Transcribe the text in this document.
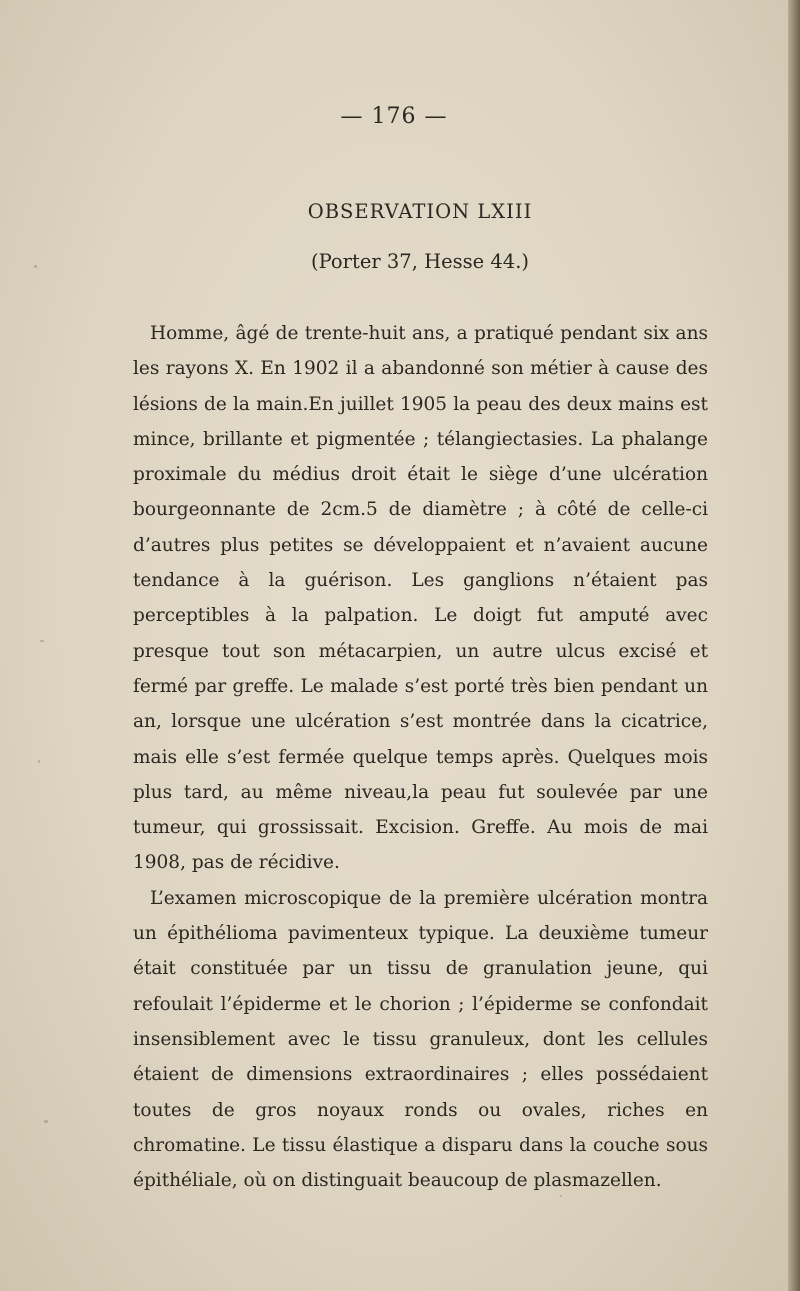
— 176 —
OBSERVATION LXIII
(Porter 37, Hesse 44.)

Homme, âgé de trente-huit ans, a pratiqué pendant six ans les rayons X. En 1902 il a abandonné son métier à cause des lésions de la main.En juillet 1905 la peau des deux mains est mince, brillante et pigmentée ; télangiectasies. La phalange proximale du médius droit était le siège d’une ulcération bourgeonnante de 2cm.5 de diamètre ; à côté de celle-ci d’autres plus petites se développaient et n’avaient aucune tendance à la guérison. Les ganglions n’étaient pas perceptibles à la palpation. Le doigt fut amputé avec presque tout son métacarpien, un autre ulcus excisé et fermé par greffe. Le malade s’est porté très bien pendant un an, lorsque une ulcération s’est montrée dans la cicatrice, mais elle s’est fermée quelque temps après. Quelques mois plus tard, au même niveau,la peau fut soulevée par une tumeur, qui grossissait. Excision. Greffe. Au mois de mai 1908, pas de récidive.

L’examen microscopique de la première ulcération montra un épithélioma pavimenteux typique. La deuxième tumeur était constituée par un tissu de granulation jeune, qui refoulait l’épiderme et le chorion ; l’épiderme se confondait insensiblement avec le tissu granuleux, dont les cellules étaient de dimensions extraordinaires ; elles possédaient toutes de gros noyaux ronds ou ovales, riches en chromatine. Le tissu élastique a disparu dans la couche sous épithéliale, où on distinguait beaucoup de plasmazellen.
